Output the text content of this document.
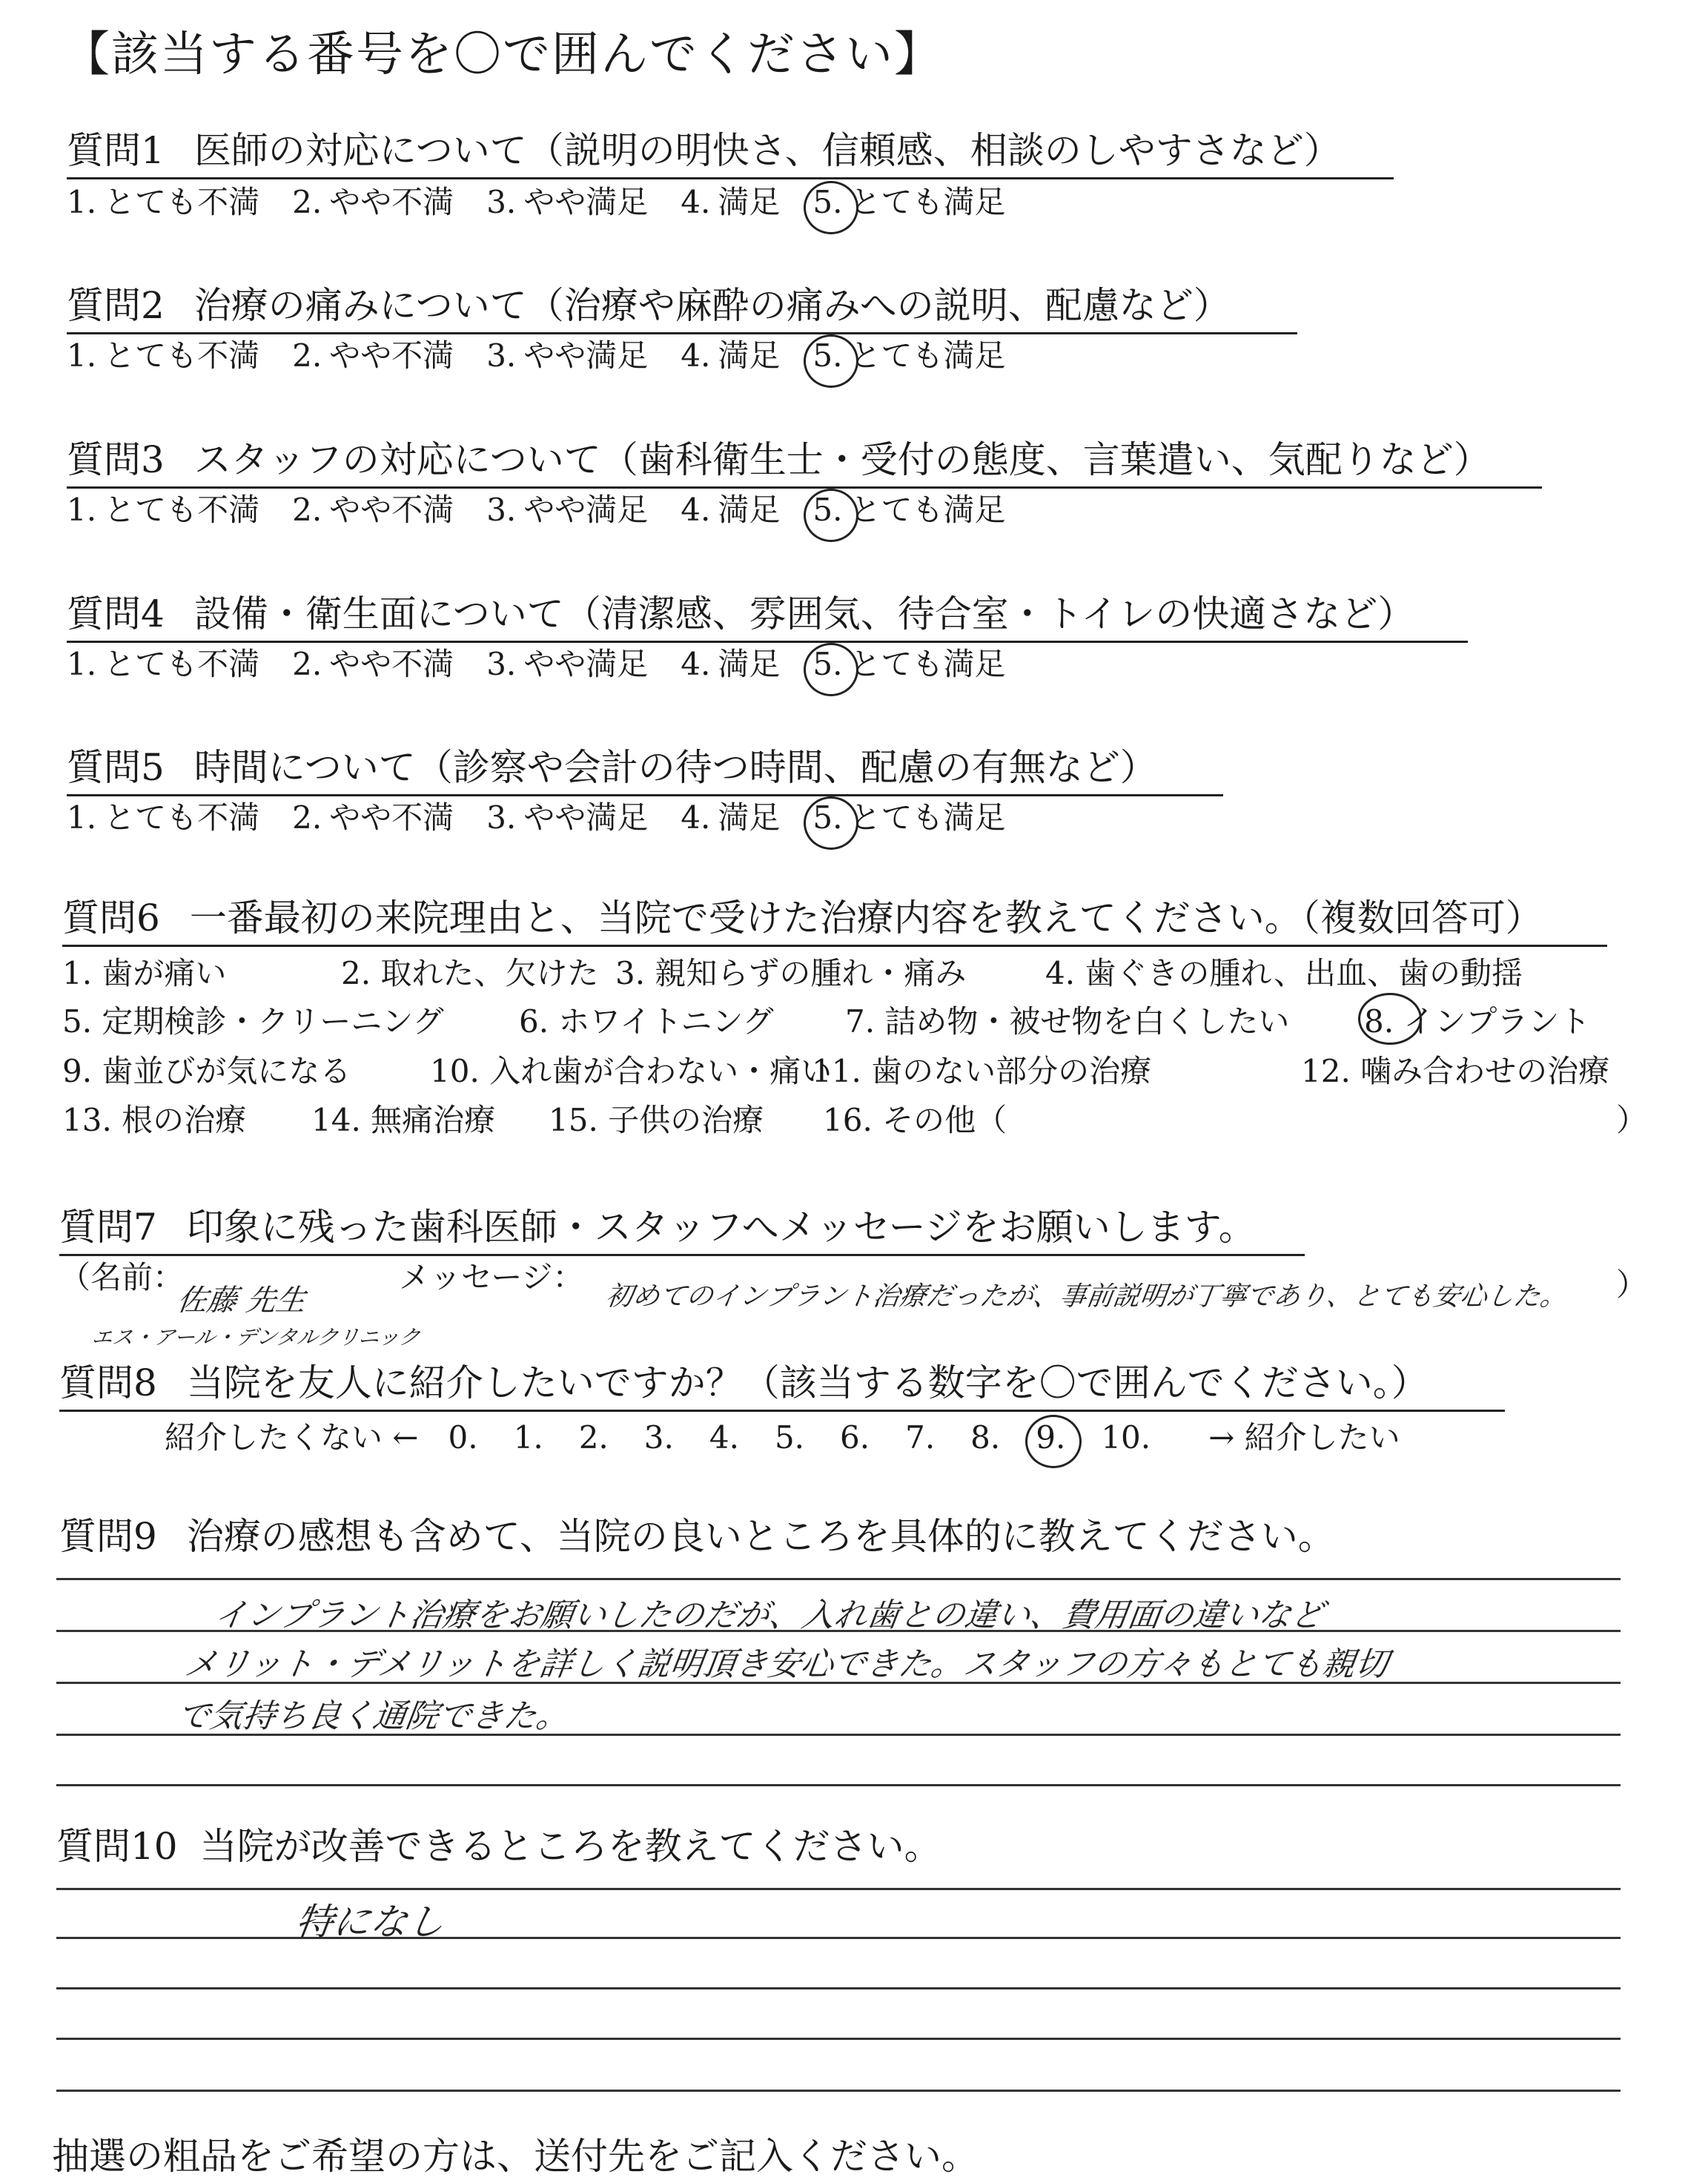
【該当する番号を〇で囲んでください】
質問1 医師の対応について（説明の明快さ、信頼感、相談のしやすさなど）
1. とても不満 2. やや不満 3. やや満足 4. 満足 5. とても満足
質問2 治療の痛みについて（治療や麻酔の痛みへの説明、配慮など）
1. とても不満 2. やや不満 3. やや満足 4. 満足 5. とても満足
質問3 スタッフの対応について（歯科衛生士・受付の態度、言葉遣い、気配りなど）
1. とても不満 2. やや不満 3. やや満足 4. 満足 5. とても満足
質問4 設備・衛生面について（清潔感、雰囲気、待合室・トイレの快適さなど）
1. とても不満 2. やや不満 3. やや満足 4. 満足 5. とても満足
質問5 時間について（診察や会計の待つ時間、配慮の有無など）
1. とても不満 2. やや不満 3. やや満足 4. 満足 5. とても満足
質問6 一番最初の来院理由と、当院で受けた治療内容を教えてください。（複数回答可）
1. 歯が痛い	2. 取れた、欠けた 3. 親知らずの腫れ・痛み	4. 歯ぐきの腫れ、出血、歯の動揺
5. 定期検診・クリーニング 6. ホワイトニング 7. 詰め物・被せ物を白くしたい 8. インプラント
9. 歯並びが気になる	10. 入れ歯が合わない・痛い
11. 歯のない部分の治療	12. 噛み合わせの治療
13. 根の治療 14. 無痛治療 15. 子供の治療 16. その他（	）
質問7 印象に残った歯科医師・スタッフへメッセージをお願いします。
（名前：
佐藤 先生
エス・アール・デンタルクリニック
メッセージ：
初めてのインプラント治療だったが、事前説明が丁寧であり、とても安心した。 ）
質問8 当院を友人に紹介したいですか？（該当する数字を〇で囲んでください。）
紹介したくない ← 0. 1. 2. 3. 4. 5. 6. 7. 8. 9. 10. → 紹介したい
質問9 治療の感想も含めて、当院の良いところを具体的に教えてください。
インプラント治療をお願いしたのだが、入れ歯との違い、費用面の違いなど
メリット・デメリットを詳しく説明頂き安心できた。スタッフの方々もとても親切
で気持ち良く通院できた。
質問10 当院が改善できるところを教えてください。
特になし
抽選の粗品をご希望の方は、送付先をご記入ください。
